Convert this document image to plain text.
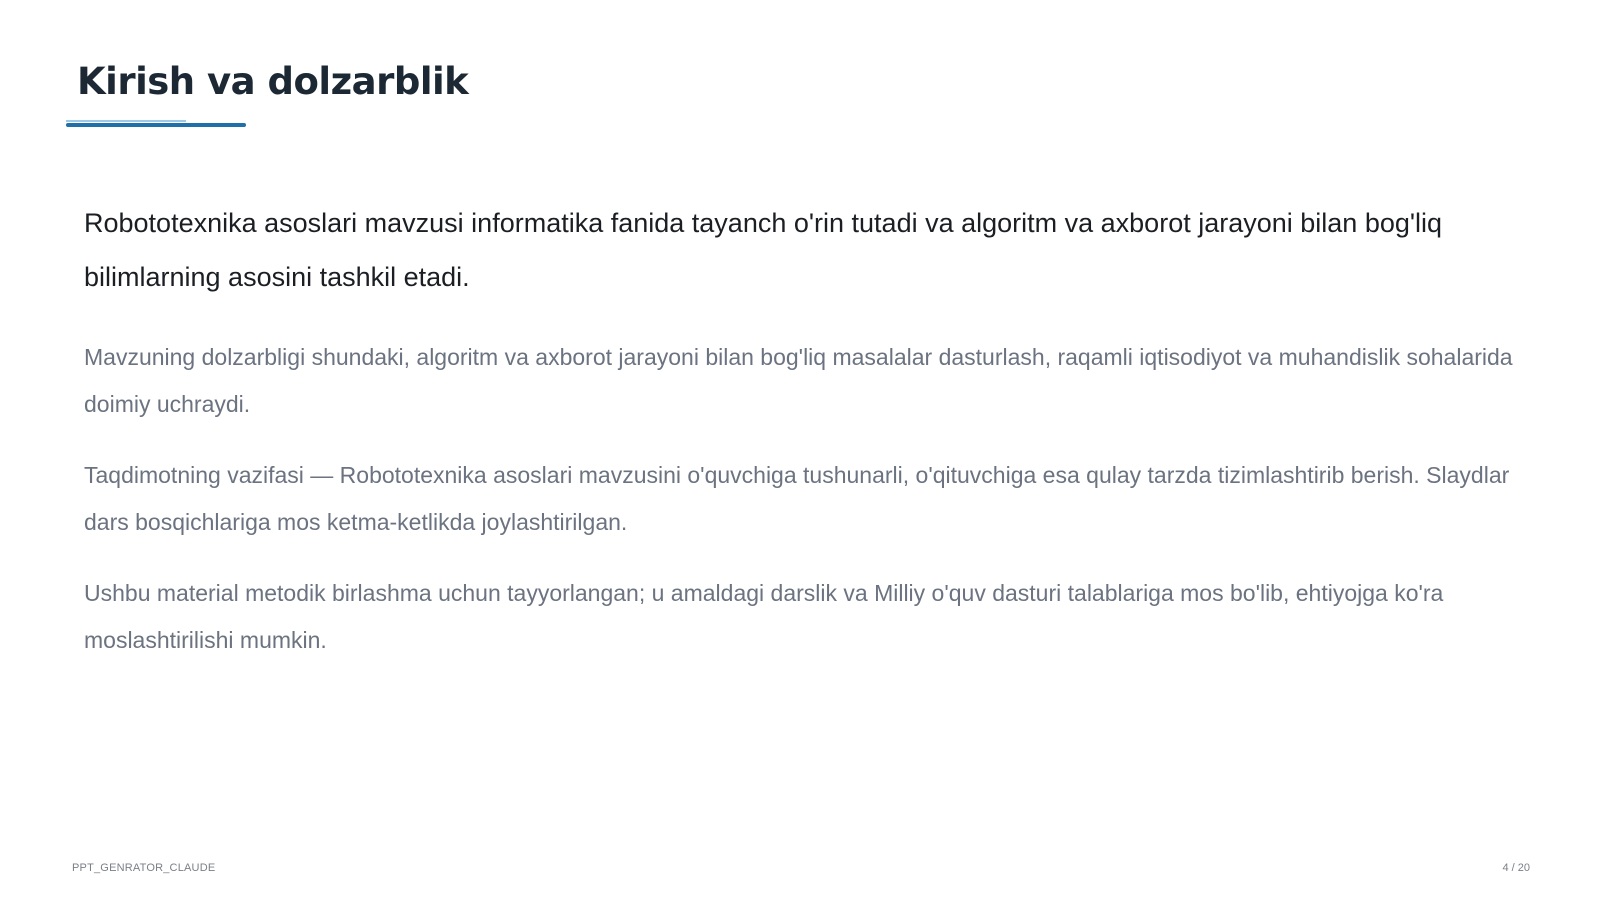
Kirish va dolzarblik

Robototexnika asoslari mavzusi informatika fanida tayanch o'rin tutadi va algoritm va axborot jarayoni bilan bog'liq bilimlarning asosini tashkil etadi.

Mavzuning dolzarbligi shundaki, algoritm va axborot jarayoni bilan bog'liq masalalar dasturlash, raqamli iqtisodiyot va muhandislik sohalarida doimiy uchraydi.

Taqdimotning vazifasi — Robototexnika asoslari mavzusini o'quvchiga tushunarli, o'qituvchiga esa qulay tarzda tizimlashtirib berish. Slaydlar dars bosqichlariga mos ketma-ketlikda joylashtirilgan.

Ushbu material metodik birlashma uchun tayyorlangan; u amaldagi darslik va Milliy o'quv dasturi talablariga mos bo'lib, ehtiyojga ko'ra moslashtirilishi mumkin.

PPT_GENRATOR_CLAUDE	4 / 20
